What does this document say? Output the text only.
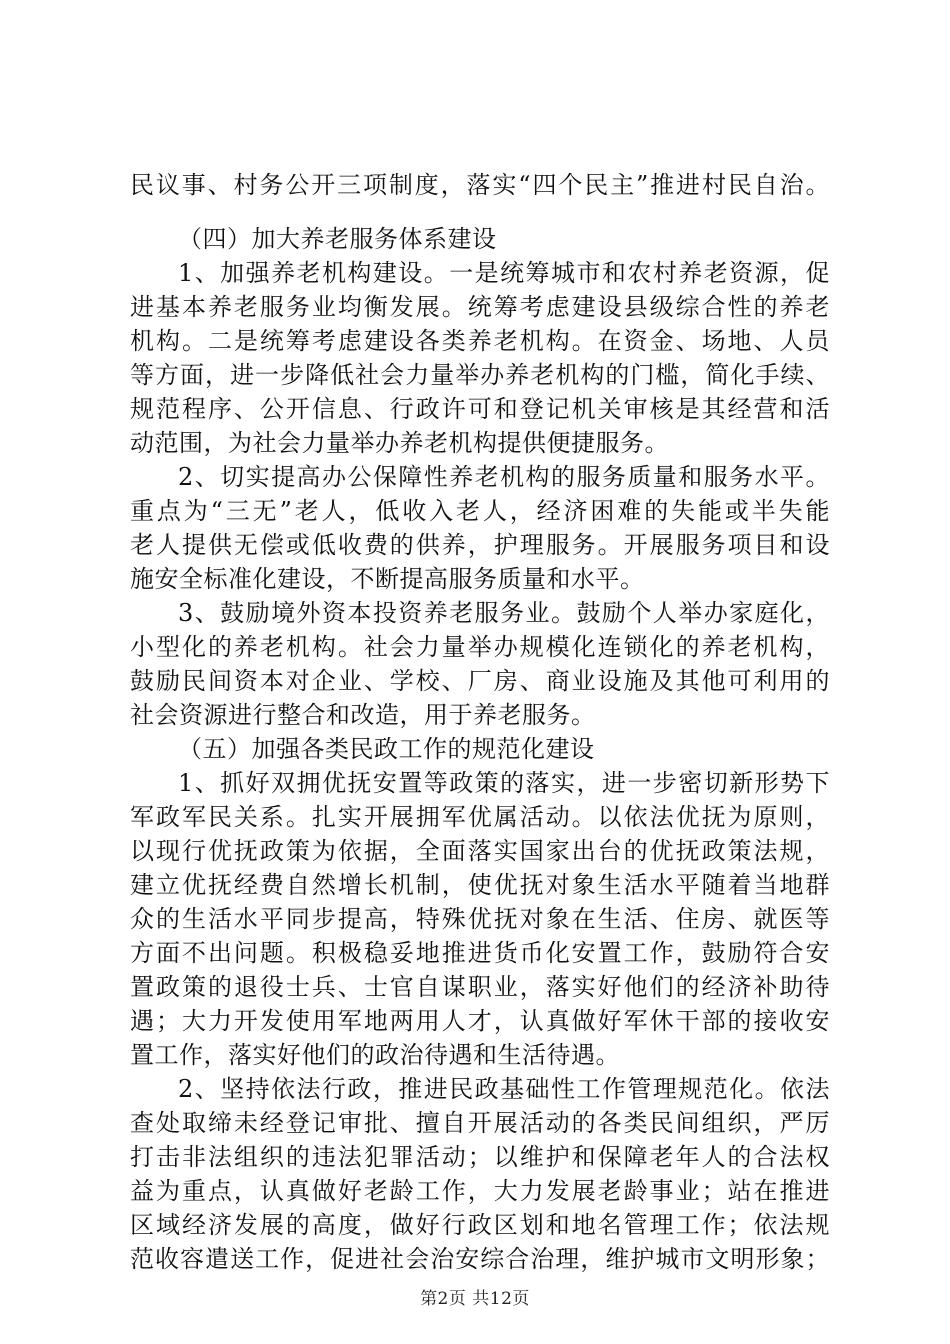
民议事、村务公开三项制度，落实“四个民主”推进村民自治。
（四）加大养老服务体系建设
1、加强养老机构建设。一是统筹城市和农村养老资源，促
进基本养老服务业均衡发展。统筹考虑建设县级综合性的养老
机构。二是统筹考虑建设各类养老机构。在资金、场地、人员
等方面，进一步降低社会力量举办养老机构的门槛，简化手续、
规范程序、公开信息、行政许可和登记机关审核是其经营和活
动范围，为社会力量举办养老机构提供便捷服务。
2、切实提高办公保障性养老机构的服务质量和服务水平。
重点为“三无”老人，低收入老人，经济困难的失能或半失能
老人提供无偿或低收费的供养，护理服务。开展服务项目和设
施安全标准化建设，不断提高服务质量和水平。
3、鼓励境外资本投资养老服务业。鼓励个人举办家庭化，
小型化的养老机构。社会力量举办规模化连锁化的养老机构，
鼓励民间资本对企业、学校、厂房、商业设施及其他可利用的
社会资源进行整合和改造，用于养老服务。
（五）加强各类民政工作的规范化建设
1、抓好双拥优抚安置等政策的落实，进一步密切新形势下
军政军民关系。扎实开展拥军优属活动。以依法优抚为原则，
以现行优抚政策为依据，全面落实国家出台的优抚政策法规，
建立优抚经费自然增长机制，使优抚对象生活水平随着当地群
众的生活水平同步提高，特殊优抚对象在生活、住房、就医等
方面不出问题。积极稳妥地推进货币化安置工作，鼓励符合安
置政策的退役士兵、士官自谋职业，落实好他们的经济补助待
遇；大力开发使用军地两用人才，认真做好军休干部的接收安
置工作，落实好他们的政治待遇和生活待遇。
2、坚持依法行政，推进民政基础性工作管理规范化。依法
查处取缔未经登记审批、擅自开展活动的各类民间组织，严厉
打击非法组织的违法犯罪活动；以维护和保障老年人的合法权
益为重点，认真做好老龄工作，大力发展老龄事业；站在推进
区域经济发展的高度，做好行政区划和地名管理工作；依法规
范收容遣送工作，促进社会治安综合治理，维护城市文明形象；
第2页 共12页
